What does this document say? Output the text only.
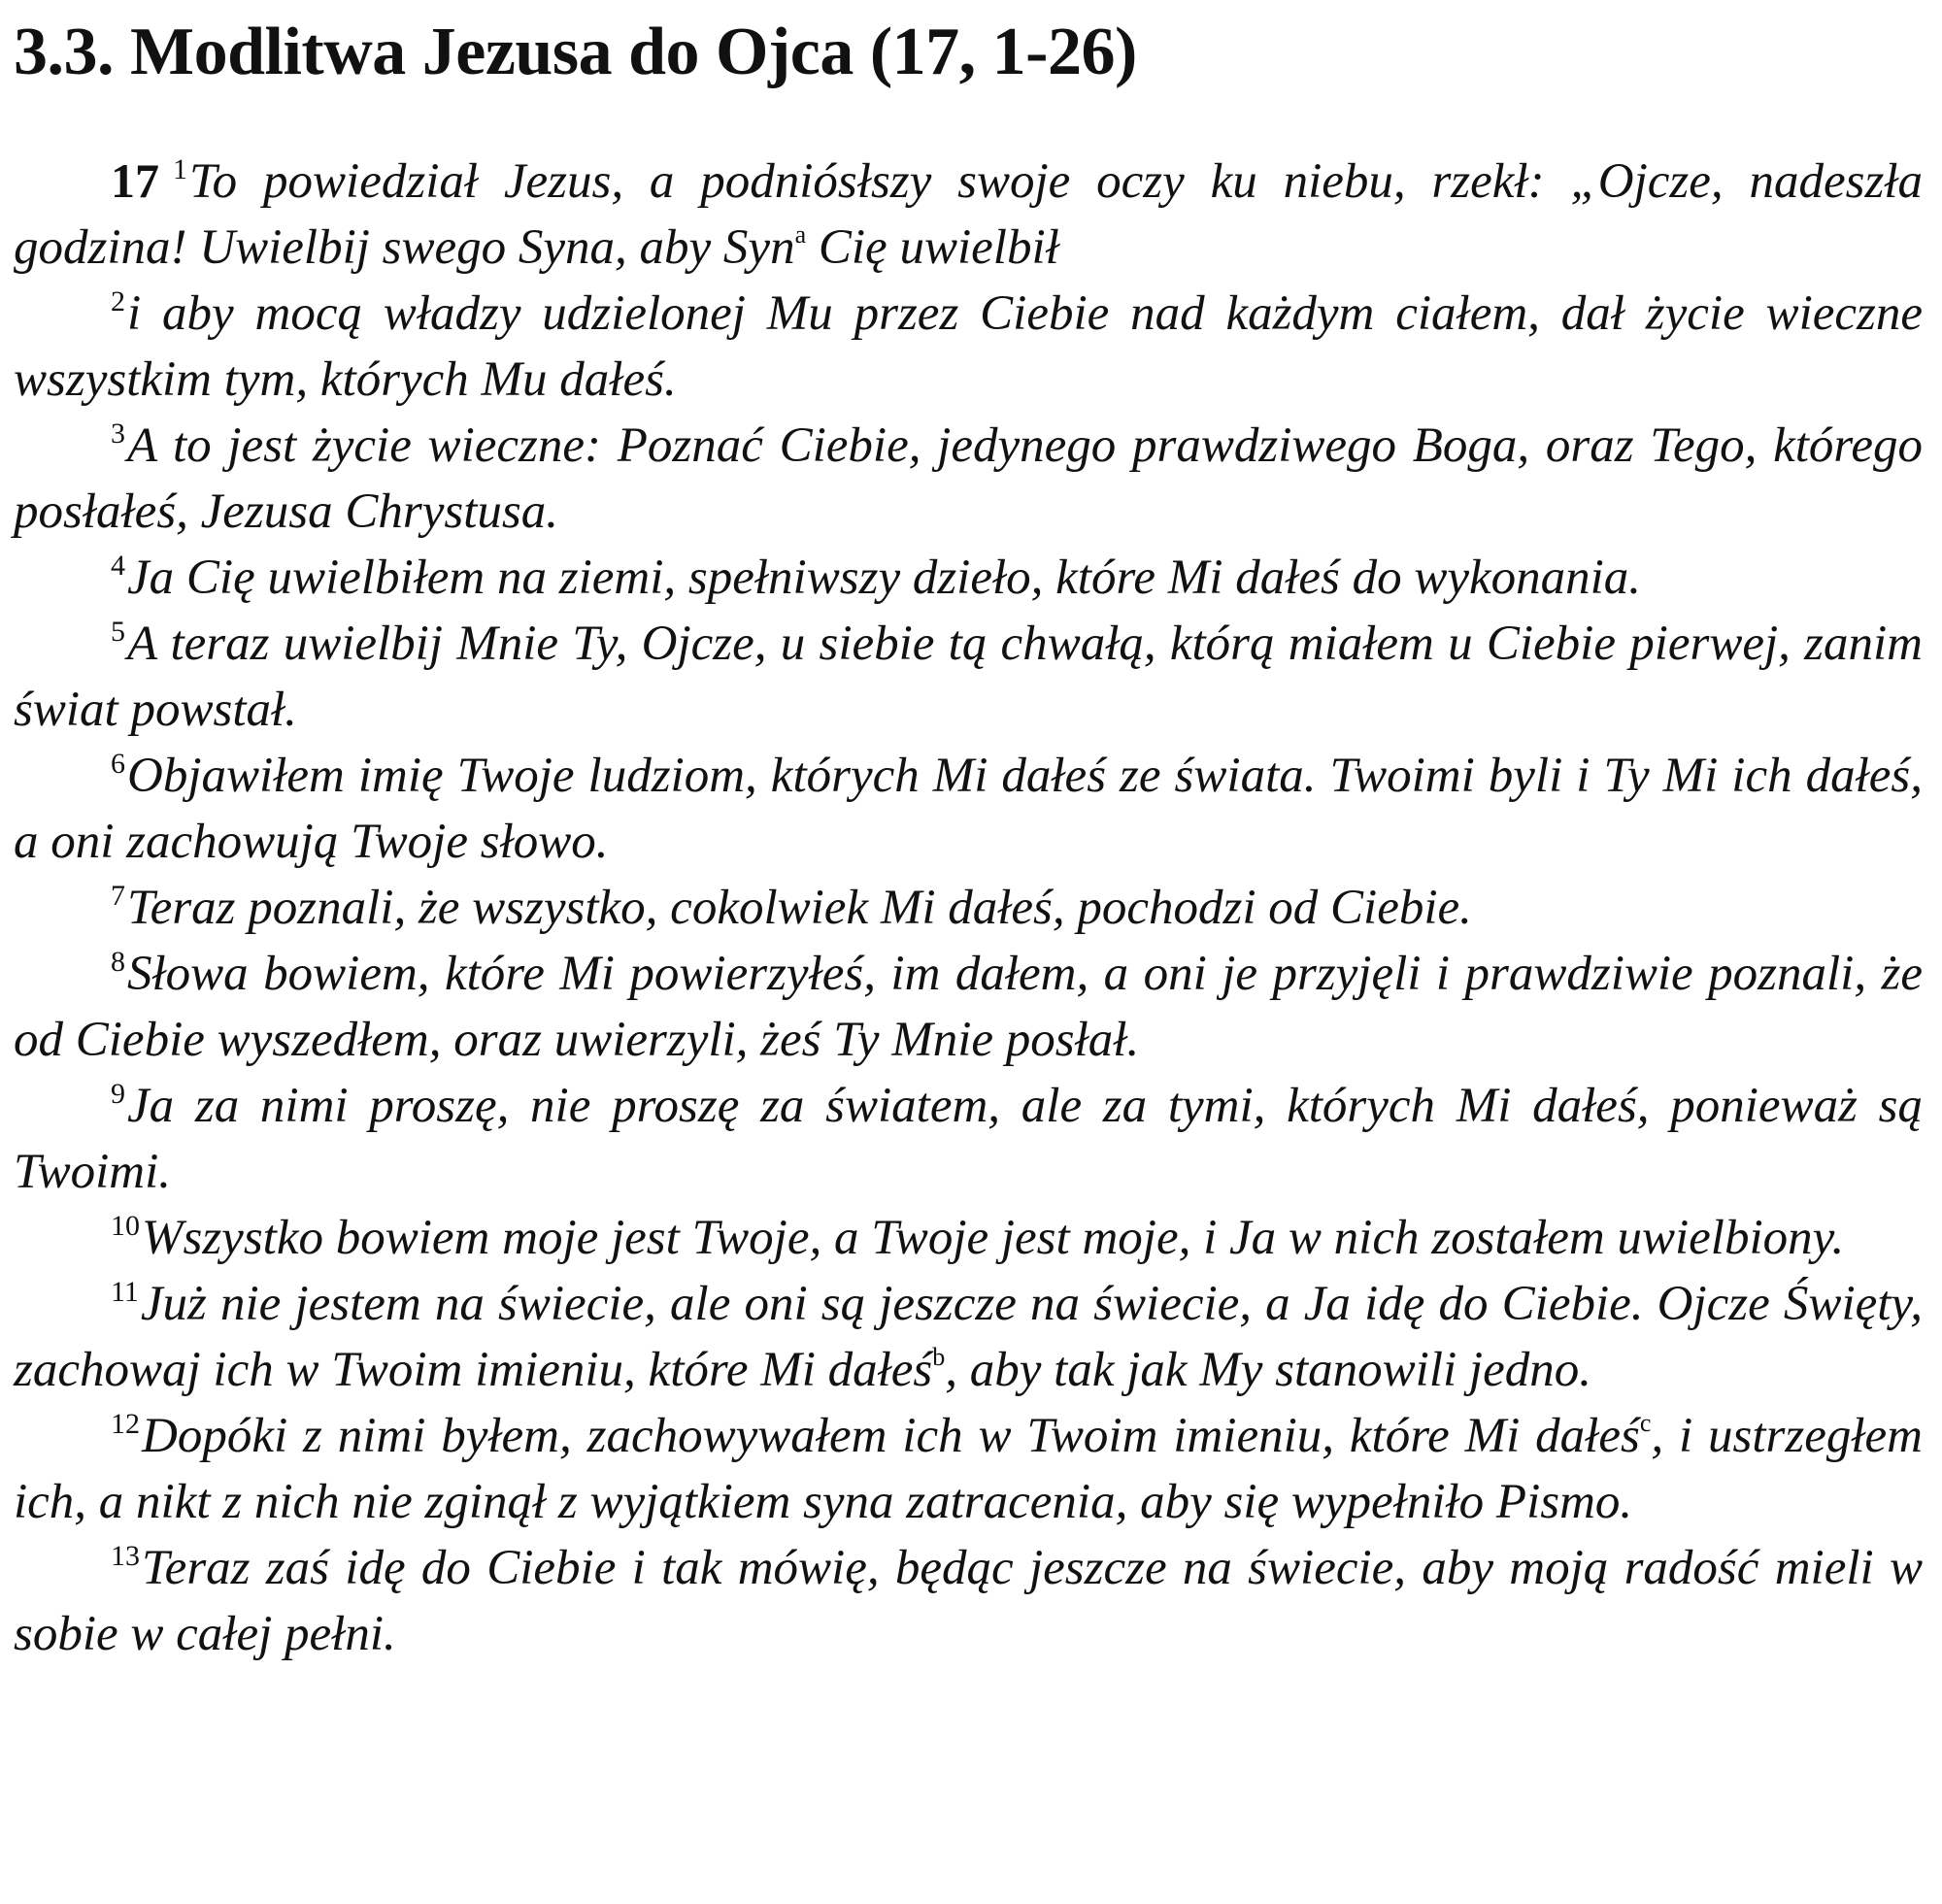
3.3. Modlitwa Jezusa do Ojca (17, 1-26)

17 $^1$To powiedział Jezus, a podniósłszy swoje oczy ku niebu, rzekł: „Ojcze, nadeszła godzina! Uwielbij swego Syna, aby Syn$^a$ Cię uwielbił

$^2$i aby mocą władzy udzielonej Mu przez Ciebie nad każdym ciałem, dał życie wieczne wszystkim tym, których Mu dałeś.

$^3$A to jest życie wieczne: Poznać Ciebie, jedynego prawdziwego Boga, oraz Tego, którego posłałeś, Jezusa Chrystusa.

$^4$Ja Cię uwielbiłem na ziemi, spełniwszy dzieło, które Mi dałeś do wykonania.

$^5$A teraz uwielbij Mnie Ty, Ojcze, u siebie tą chwałą, którą miałem u Ciebie pierwej, zanim świat powstał.

$^6$Objawiłem imię Twoje ludziom, których Mi dałeś ze świata. Twoimi byli i Ty Mi ich dałeś, a oni zachowują Twoje słowo.

$^7$Teraz poznali, że wszystko, cokolwiek Mi dałeś, pochodzi od Ciebie.

$^8$Słowa bowiem, które Mi powierzyłeś, im dałem, a oni je przyjęli i prawdziwie poznali, że od Ciebie wyszedłem, oraz uwierzyli, żeś Ty Mnie posłał.

$^9$Ja za nimi proszę, nie proszę za światem, ale za tymi, których Mi dałeś, ponieważ są Twoimi.

$^{10}$Wszystko bowiem moje jest Twoje, a Twoje jest moje, i Ja w nich zostałem uwielbiony.

$^{11}$Już nie jestem na świecie, ale oni są jeszcze na świecie, a Ja idę do Ciebie. Ojcze Święty, zachowaj ich w Twoim imieniu, które Mi dałeś$^b$, aby tak jak My stanowili jedno.

$^{12}$Dopóki z nimi byłem, zachowywałem ich w Twoim imieniu, które Mi dałeś$^c$, i ustrzegłem ich, a nikt z nich nie zginął z wyjątkiem syna zatracenia, aby się wypełniło Pismo.

$^{13}$Teraz zaś idę do Ciebie i tak mówię, będąc jeszcze na świecie, aby moją radość mieli w sobie w całej pełni.
